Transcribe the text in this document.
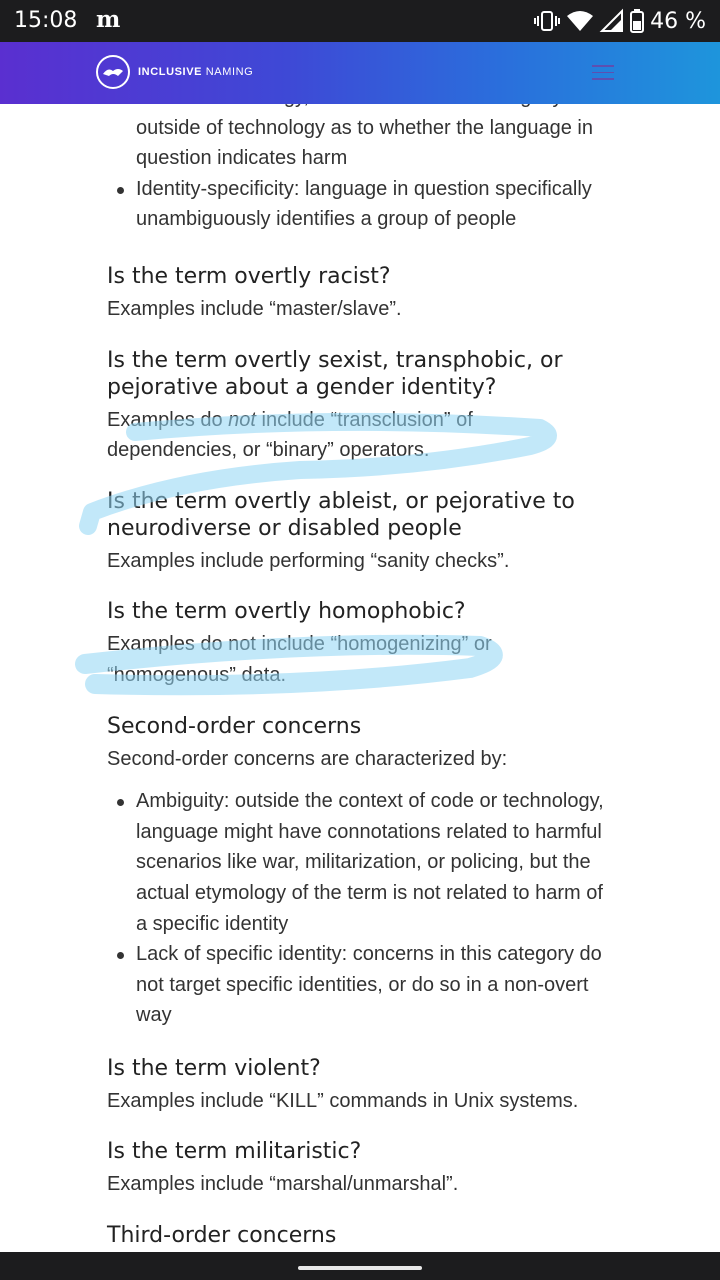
15:08 m	46 %
INCLUSIVE NAMING
outside of technology as to whether the language in question indicates harm
Identity-specificity: language in question specifically unambiguously identifies a group of people
Is the term overtly racist?

Examples include “master/slave”.

Is the term overtly sexist, transphobic, or pejorative about a gender identity?

Examples do not include “transclusion” of dependencies, or “binary” operators.

Is the term overtly ableist, or pejorative to neurodiverse or disabled people

Examples include performing “sanity checks”.

Is the term overtly homophobic?

Examples do not include “homogenizing” or “homogenous” data.

Second-order concerns

Second-order concerns are characterized by:

Ambiguity: outside the context of code or technology, language might have connotations related to harmful scenarios like war, militarization, or policing, but the actual etymology of the term is not related to harm of a specific identity
Lack of specific identity: concerns in this category do not target specific identities, or do so in a non-overt way
Is the term violent?

Examples include “KILL” commands in Unix systems.

Is the term militaristic?

Examples include “marshal/unmarshal”.

Third-order concerns
